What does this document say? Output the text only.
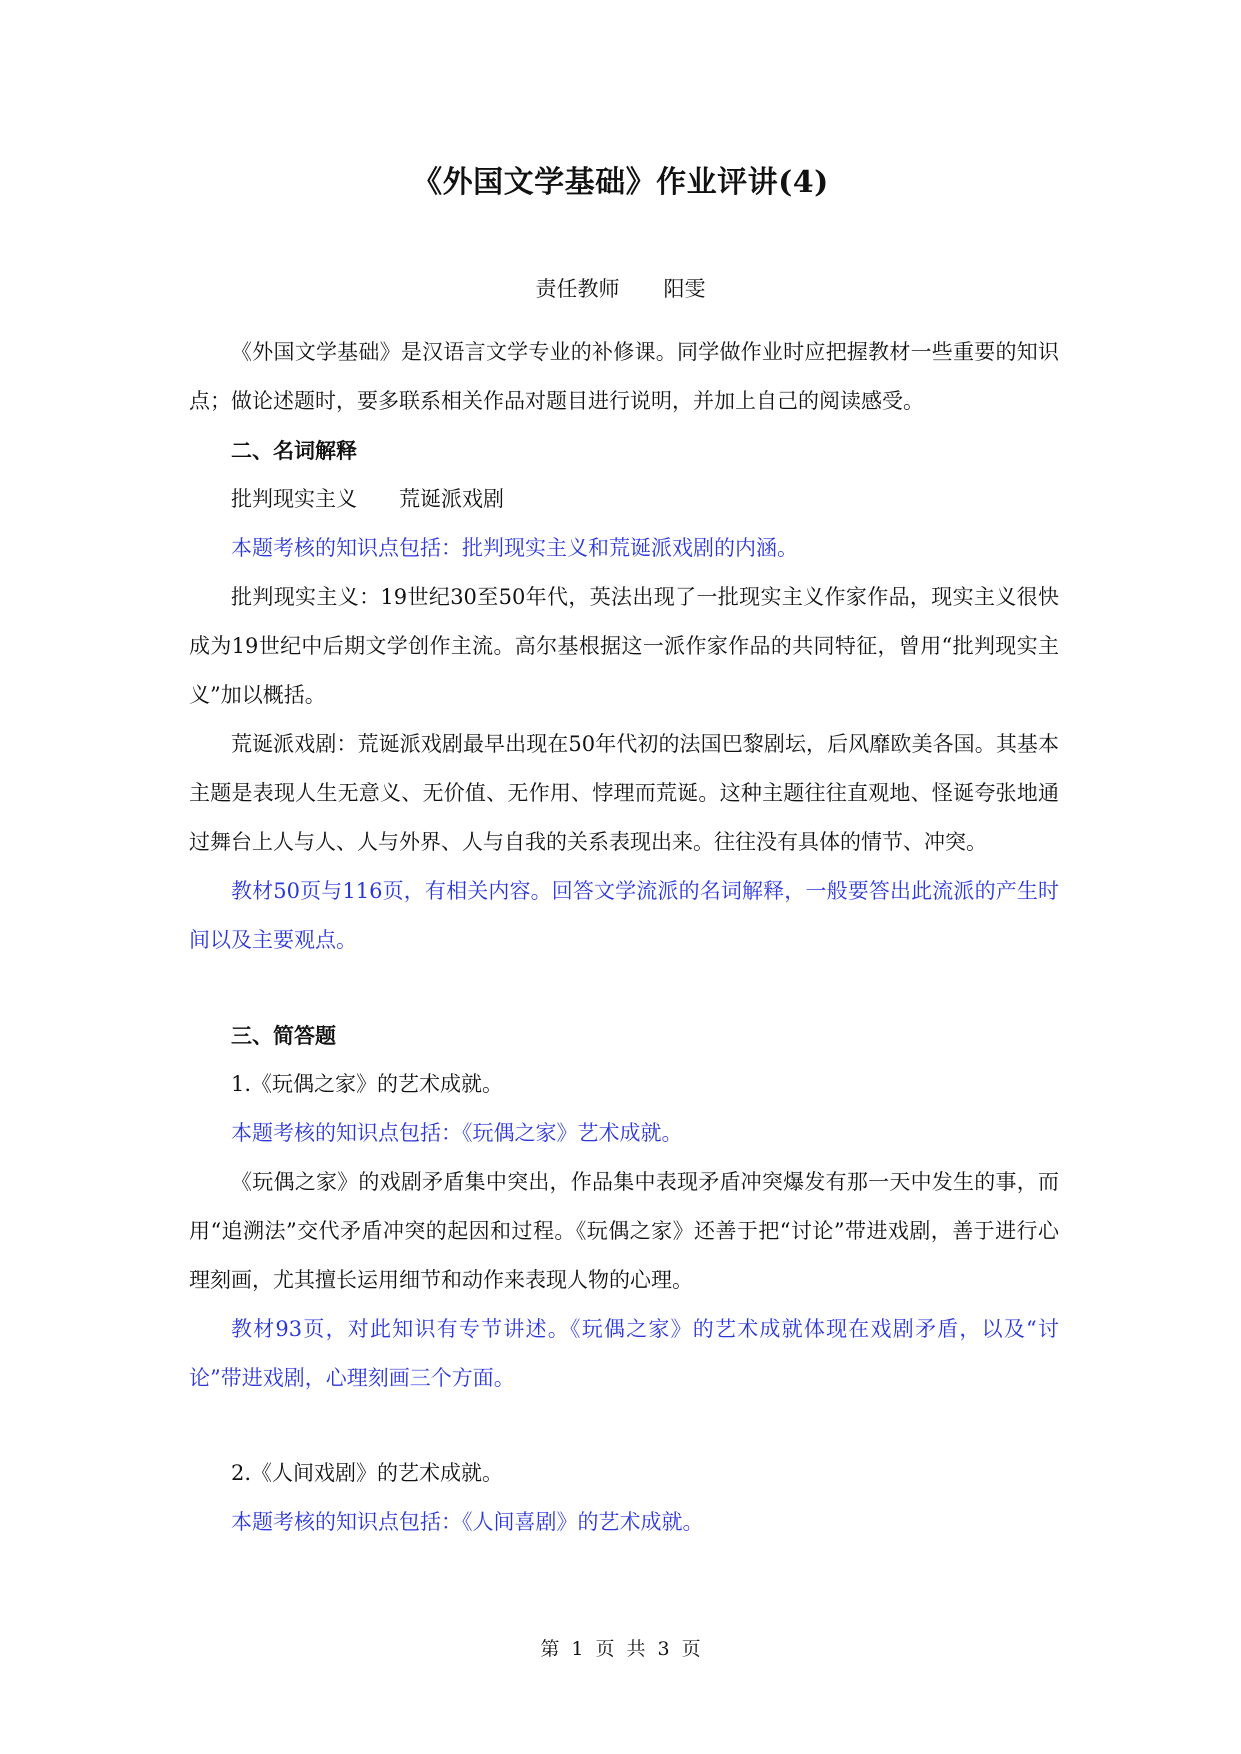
《外国文学基础》作业评讲(4)
责任教师 阳雯

《外国文学基础》是汉语言文学专业的补修课。同学做作业时应把握教材一些重要的知识点；做论述题时，要多联系相关作品对题目进行说明，并加上自己的阅读感受。

二、名词解释

批判现实主义　　荒诞派戏剧

本题考核的知识点包括：批判现实主义和荒诞派戏剧的内涵。

批判现实主义：19世纪30至50年代，英法出现了一批现实主义作家作品，现实主义很快成为19世纪中后期文学创作主流。高尔基根据这一派作家作品的共同特征，曾用“批判现实主义”加以概括。

荒诞派戏剧：荒诞派戏剧最早出现在50年代初的法国巴黎剧坛，后风靡欧美各国。其基本主题是表现人生无意义、无价值、无作用、悖理而荒诞。这种主题往往直观地、怪诞夸张地通过舞台上人与人、人与外界、人与自我的关系表现出来。往往没有具体的情节、冲突。

教材50页与116页，有相关内容。回答文学流派的名词解释，一般要答出此流派的产生时间以及主要观点。

三、简答题

1.《玩偶之家》的艺术成就。

本题考核的知识点包括：《玩偶之家》艺术成就。

《玩偶之家》的戏剧矛盾集中突出，作品集中表现矛盾冲突爆发有那一天中发生的事，而用“追溯法”交代矛盾冲突的起因和过程。《玩偶之家》还善于把“讨论”带进戏剧，善于进行心理刻画，尤其擅长运用细节和动作来表现人物的心理。

教材93页，对此知识有专节讲述。《玩偶之家》的艺术成就体现在戏剧矛盾，以及“讨论”带进戏剧，心理刻画三个方面。

2.《人间戏剧》的艺术成就。

本题考核的知识点包括：《人间喜剧》的艺术成就。

第 1 页 共 3 页
